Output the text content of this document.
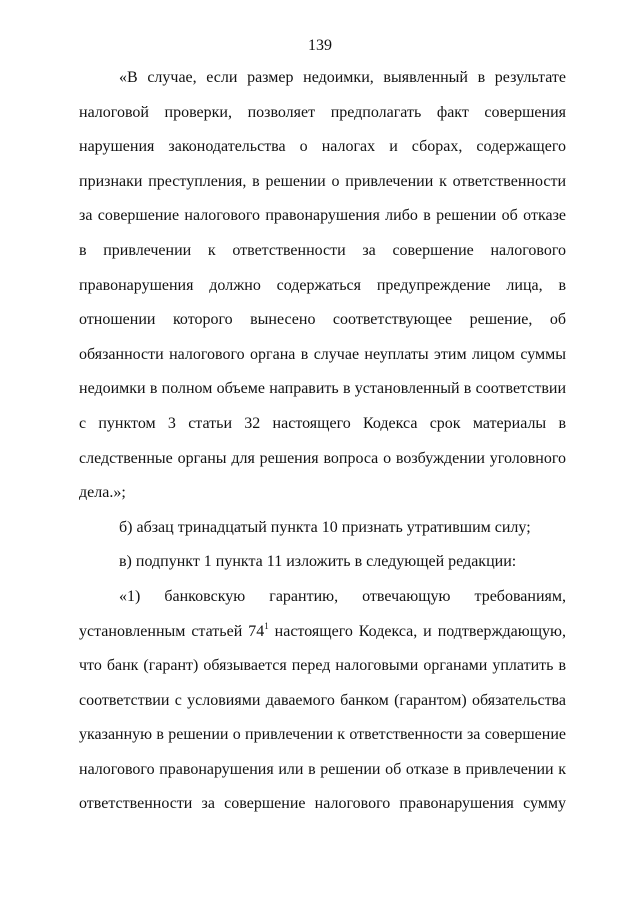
139

«В случае, если размер недоимки, выявленный в результате налоговой проверки, позволяет предполагать факт совершения нарушения законодательства о налогах и сборах, содержащего признаки преступления, в решении о привлечении к ответственности за совершение налогового правонарушения либо в решении об отказе в привлечении к ответственности за совершение налогового правонарушения должно содержаться предупреждение лица, в отношении которого вынесено соответствующее решение, об обязанности налогового органа в случае неуплаты этим лицом суммы недоимки в полном объеме направить в установленный в соответствии с пунктом 3 статьи 32 настоящего Кодекса срок материалы в следственные органы для решения вопроса о возбуждении уголовного дела.»;

б) абзац тринадцатый пункта 10 признать утратившим силу;

в) подпункт 1 пункта 11 изложить в следующей редакции:

«1) банковскую гарантию, отвечающую требованиям, установленным статьей $74^1$ настоящего Кодекса, и подтверждающую, что банк (гарант) обязывается перед налоговыми органами уплатить в соответствии с условиями даваемого банком (гарантом) обязательства указанную в решении о привлечении к ответственности за совершение налогового правонарушения или в решении об отказе в привлечении к ответственности за совершение налогового правонарушения сумму
